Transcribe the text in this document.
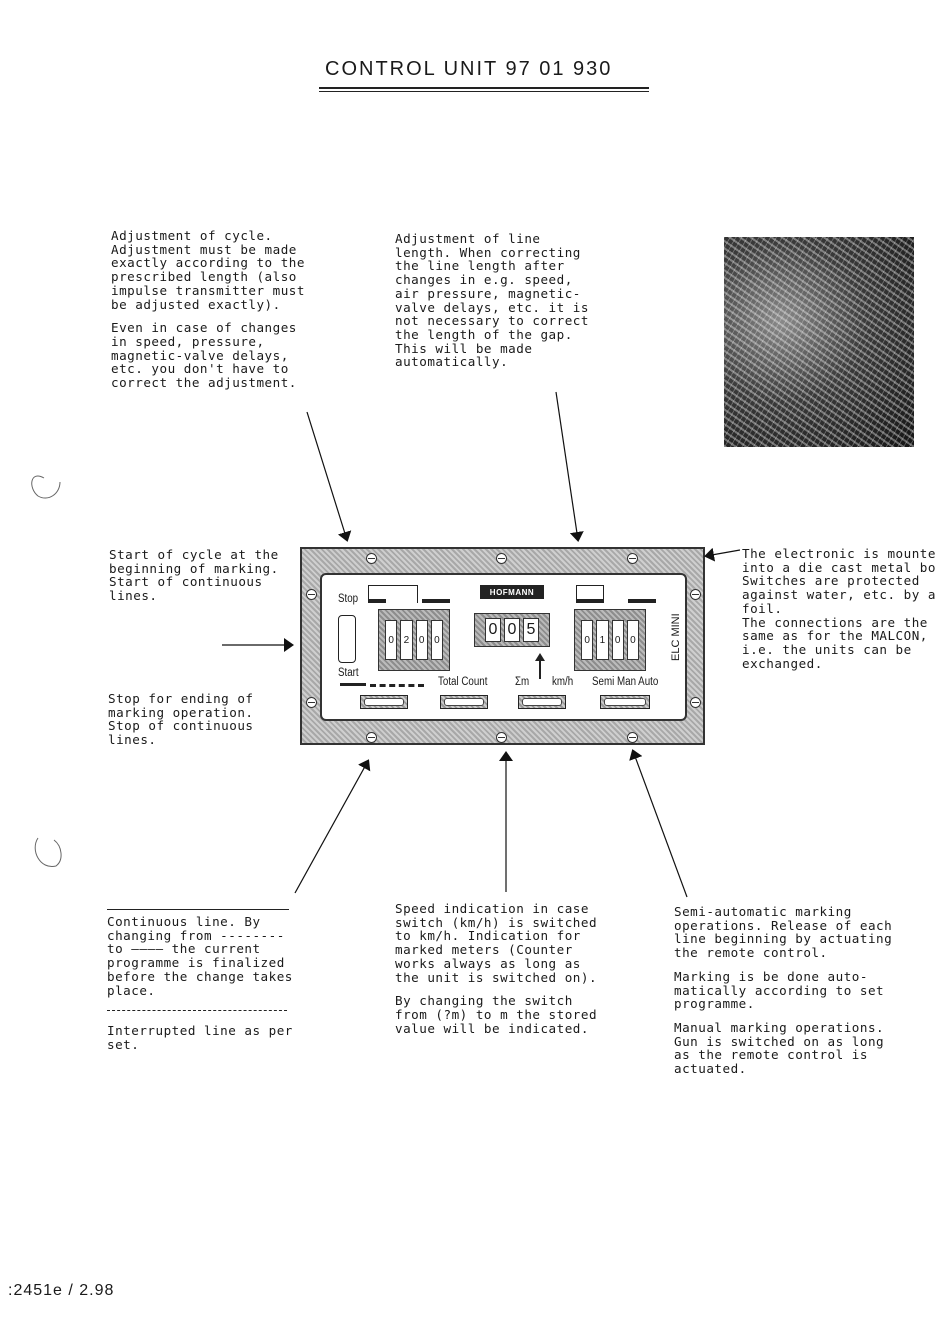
CONTROL UNIT 97 01 930

Adjustment of cycle.
Adjustment must be made
exactly according to the
prescribed length (also
impulse transmitter must
be adjusted exactly).

Even in case of changes
in speed, pressure,
magnetic-valve delays,
etc. you don't have to
correct the adjustment.

Adjustment of line
length. When correcting
the line length after
changes in e.g. speed,
air pressure, magnetic-
valve delays, etc. it is
not necessary to correct
the length of the gap.
This will be made
automatically.

Start of cycle at the
beginning of marking.
Start of continuous
lines.

Stop for ending of
marking operation.
Stop of continuous
lines.

The electronic is mounte
into a die cast metal bo
Switches are protected
against water, etc. by a
foil.
The connections are the
same as for the MALCON,
i.e. the units can be
exchanged.

Stop
HOFMANN
0 2 0 0
0 0 5
0 1 0 0	ELC MINI
Start
Total Count Σm km/h Semi Man Auto

Continuous line. By
changing from --------
to ———— the current
programme is finalized
before the change takes
place.

Interrupted line as per
set.

Speed indication in case
switch (km/h) is switched
to km/h. Indication for
marked meters (Counter
works always as long as
the unit is switched on).

By changing the switch
from (?m) to m the stored
value will be indicated.

Semi-automatic marking
operations. Release of each
line beginning by actuating
the remote control.

Marking is be done auto-
matically according to set
programme.

Manual marking operations.
Gun is switched on as long
as the remote control is
actuated.

:2451e / 2.98
